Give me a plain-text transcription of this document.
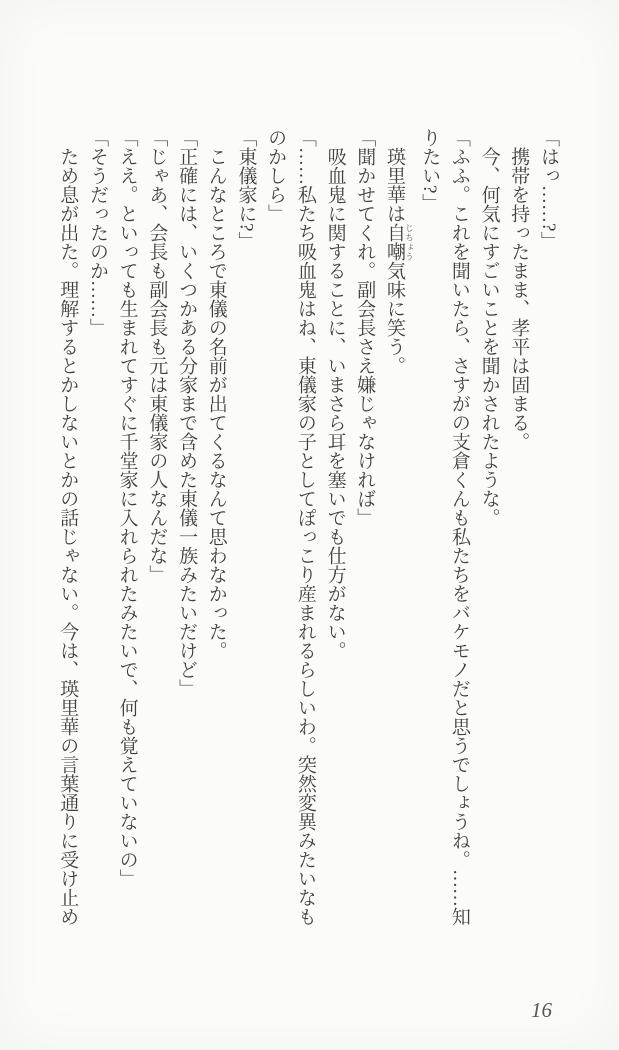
「はっ……?」

携帯を持ったまま、孝平は固まる。

今、何気にすごいことを聞かされたような。

「ふふ。これを聞いたら、さすがの支倉くんも私たちをバケモノだと思うでしょうね。……知りたい?」

瑛里華は自嘲 じちょう気味に笑う。

「聞かせてくれ。副会長さえ嫌じゃなければ」

吸血鬼に関することに、いまさら耳を塞いでも仕方がない。

「……私たち吸血鬼はね、東儀家の子としてぽっこり産まれるらしいわ。突然変異みたいなものかしら」

「東儀家に?」

こんなところで東儀の名前が出てくるなんて思わなかった。

「正確には、いくつかある分家まで含めた東儀一族みたいだけど」

「じゃあ、会長も副会長も元は東儀家の人なんだな」

「ええ。といっても生まれてすぐに千堂家に入れられたみたいで、何も覚えていないの」

「そうだったのか……」

ため息が出た。理解するとかしないとかの話じゃない。今は、瑛里華の言葉通りに受け止め

16
